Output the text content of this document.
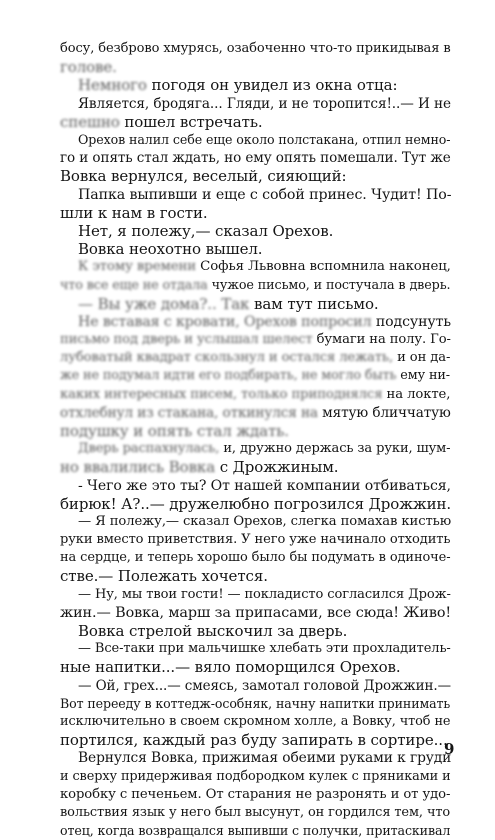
босу, безброво хмурясь, озабоченно что-то прикидывая в
голове.
Немного погодя он увидел из окна отца:
Является, бродяга... Гляди, и не торопится!..— И не
спешно пошел встречать.
Орехов налил себе еще около полстакана, отпил немно-
го и опять стал ждать, но ему опять помешали. Тут же
Вовка вернулся, веселый, сияющий:
Папка выпивши и еще с собой принес. Чудит! По-
шли к нам в гости.
Нет, я полежу,— сказал Орехов.
Вовка неохотно вышел.
К этому времени Софья Львовна вспомнила наконец,
что все еще не отдала чужое письмо, и постучала в дверь.
— Вы уже дома?.. Так вам тут письмо.
Не вставая с кровати, Орехов попросил подсунуть
письмо под дверь и услышал шелест бумаги на полу. Го-
лубоватый квадрат скользнул и остался лежать, и он да-
же не подумал идти его подбирать, не могло быть ему ни-
каких интересных писем, только приподнялся на локте,
отхлебнул из стакана, откинулся на мятую бличчатую
подушку и опять стал ждать.
Дверь распахнулась, и, дружно держась за руки, шум-
но ввалились Вовка с Дрожжиным.
- Чего же это ты? От нашей компании отбиваться,
бирюк! А?..— дружелюбно погрозился Дрожжин.
— Я полежу,— сказал Орехов, слегка помахав кистью
руки вместо приветствия. У него уже начинало отходить
на сердце, и теперь хорошо было бы подумать в одиноче-
стве.— Полежать хочется.
— Ну, мы твои гости! — покладисто согласился Дрож-
жин.— Вовка, марш за припасами, все сюда! Живо!
Вовка стрелой выскочил за дверь.
— Все-таки при мальчишке хлебать эти прохладитель-
ные напитки...— вяло поморщился Орехов.
— Ой, грех...— смеясь, замотал головой Дрожжин.—
Вот перееду в коттедж-особняк, начну напитки принимать
исключительно в своем скромном холле, а Вовку, чтоб не
портился, каждый раз буду запирать в сортире...
Вернулся Вовка, прижимая обеими руками к груди
и сверху придерживая подбородком кулек с пряниками и
коробку с печеньем. От старания не разронять и от удо-
вольствия язык у него был высунут, он гордился тем, что
отец, когда возвращался выпивши с получки, притаскивал
9
